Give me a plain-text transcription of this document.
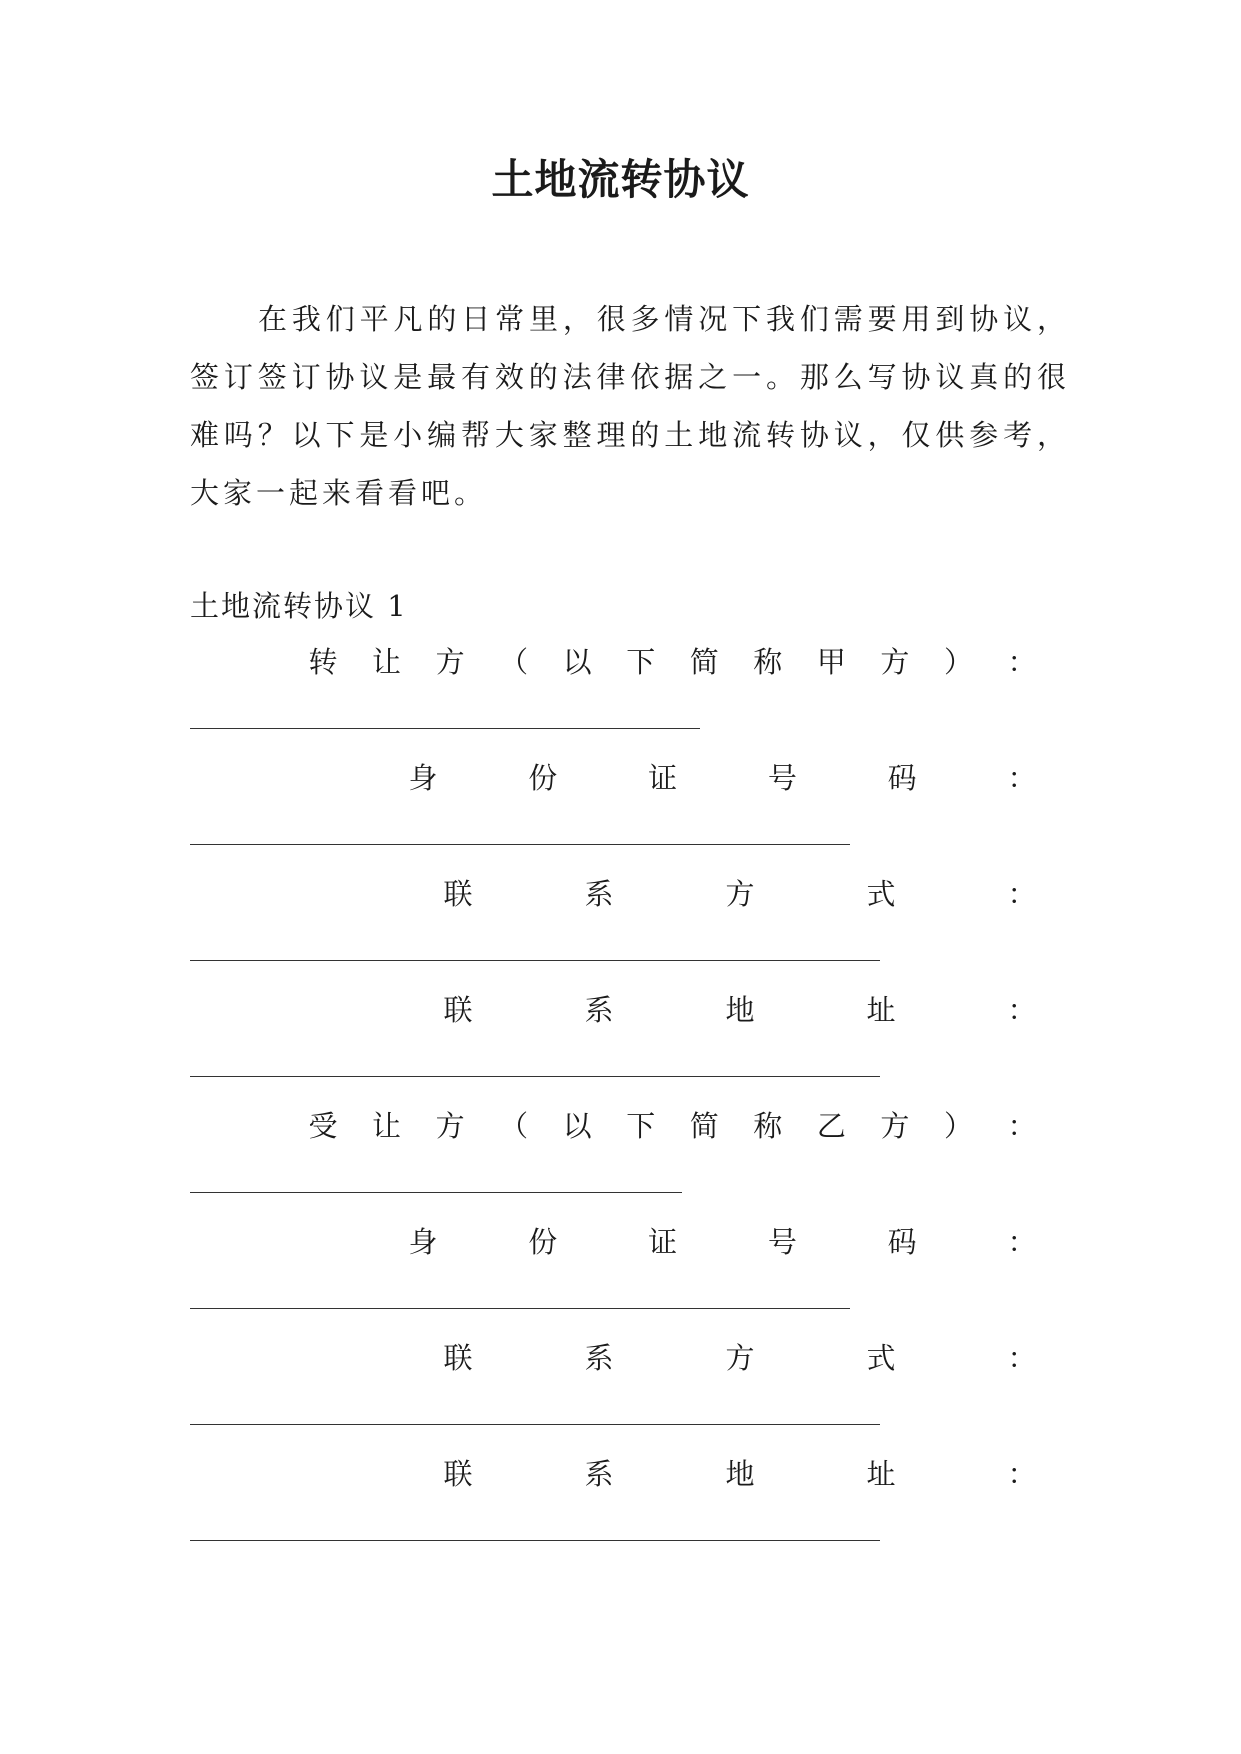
土地流转协议

在我们平凡的日常里，很多情况下我们需要用到协议，签订签订协议是最有效的法律依据之一。那么写协议真的很难吗？以下是小编帮大家整理的土地流转协议，仅供参考，大家一起来看看吧。

土地流转协议 1

转 让 方 （ 以 下 简 称 甲 方 ） ：
身	份	证	号	码	：
联	系	方	式	：
联	系	地	址	：
受 让 方 （ 以 下 简 称 乙 方 ） ：
身	份	证	号	码	：
联	系	方	式	：
联	系	地	址	：
